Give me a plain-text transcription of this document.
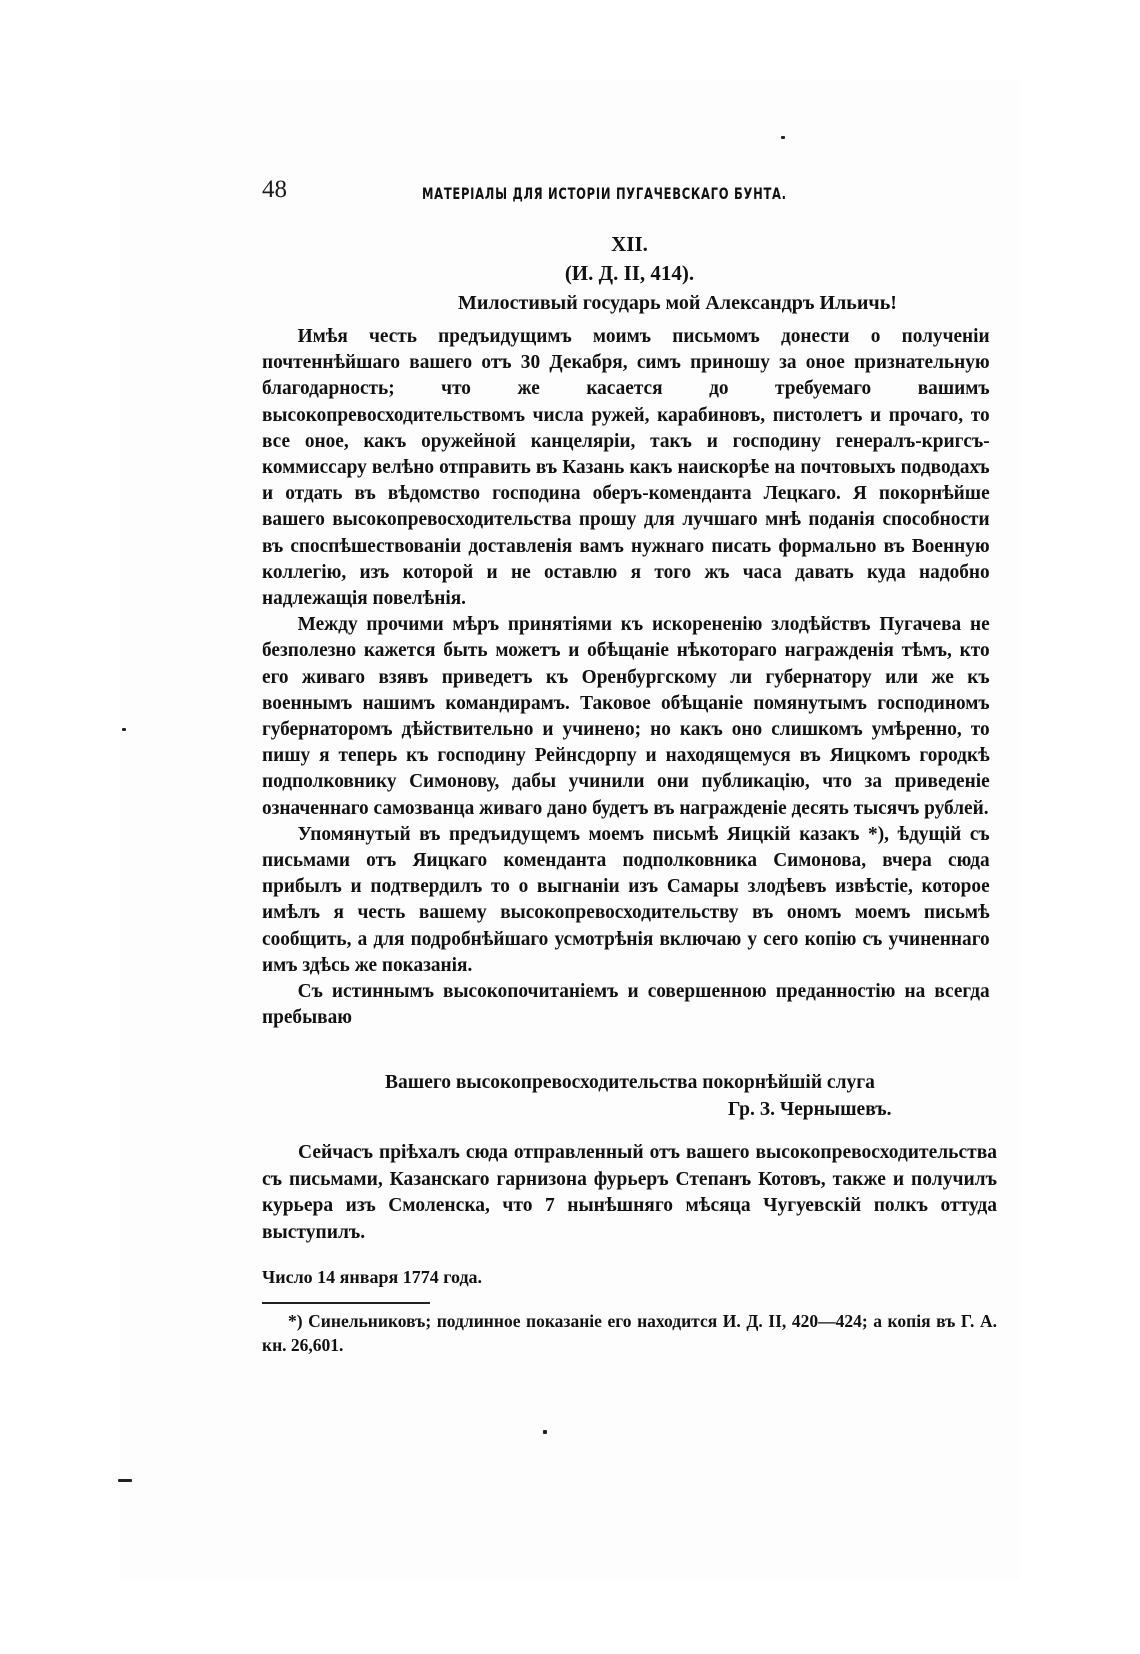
48	МАТЕРІАЛЫ ДЛЯ ИСТОРІИ ПУГАЧЕВСКАГО БУНТА.
XII.
(И. Д. II, 414).
Милостивый государь мой Александръ Ильичь!

Имѣя честь предъидущимъ моимъ письмомъ донести о полученіи почтеннѣйшаго вашего отъ 30 Декабря, симъ приношу за оное признательную благодарность; что же касается до требуемаго вашимъ высокопревосходительствомъ числа ружей, карабиновъ, пистолетъ и прочаго, то все оное, какъ оружейной канцеляріи, такъ и господину генералъ-кригсъ-коммиссару велѣно отправить въ Казань какъ наискорѣе на почтовыхъ подводахъ и отдать въ вѣдомство господина оберъ-коменданта Лецкаго. Я покорнѣйше вашего высокопревосходительства прошу для лучшаго мнѣ поданія способности въ споспѣшествованіи доставленія вамъ нужнаго писать формально въ Военную коллегію, изъ которой и не оставлю я того жъ часа давать куда надобно надлежащія повелѣнія.

Между прочими мѣръ принятіями къ искорененію злодѣйствъ Пугачева не безполезно кажется быть можетъ и обѣщаніе нѣкотораго награжденія тѣмъ, кто его живаго взявъ приведетъ къ Оренбургскому ли губернатору или же къ военнымъ нашимъ командирамъ. Таковое обѣщаніе помянутымъ господиномъ губернаторомъ дѣйствительно и учинено; но какъ оно слишкомъ умѣренно, то пишу я теперь къ господину Рейнсдорпу и находящемуся въ Яицкомъ городкѣ подполковнику Симонову, дабы учинили они публикацію, что за приведеніе означеннаго самозванца живаго дано будетъ въ награжденіе десять тысячъ рублей.

Упомянутый въ предъидущемъ моемъ письмѣ Яицкій казакъ *), ѣдущій съ письмами отъ Яицкаго коменданта подполковника Симонова, вчера сюда прибылъ и подтвердилъ то о выгнаніи изъ Самары злодѣевъ извѣстіе, которое имѣлъ я честь вашему высокопревосходительству въ ономъ моемъ письмѣ сообщить, а для подробнѣйшаго усмотрѣнія включаю у сего копію съ учиненнаго имъ здѣсь же показанія.

Съ истиннымъ высокопочитаніемъ и совершенною преданностію на всегда пребываю

Вашего высокопревосходительства покорнѣйшій слуга
Гр. З. Чернышевъ.

Сейчасъ пріѣхалъ сюда отправленный отъ вашего высокопревосходительства съ письмами, Казанскаго гарнизона фурьеръ Степанъ Котовъ, также и получилъ курьера изъ Смоленска, что 7 нынѣшняго мѣсяца Чугуевскій полкъ оттуда выступилъ.

Число 14 января 1774 года.

*) Синельниковъ; подлинное показаніе его находится И. Д. II, 420—424; а копія въ Г. А. кн. 26,601.
